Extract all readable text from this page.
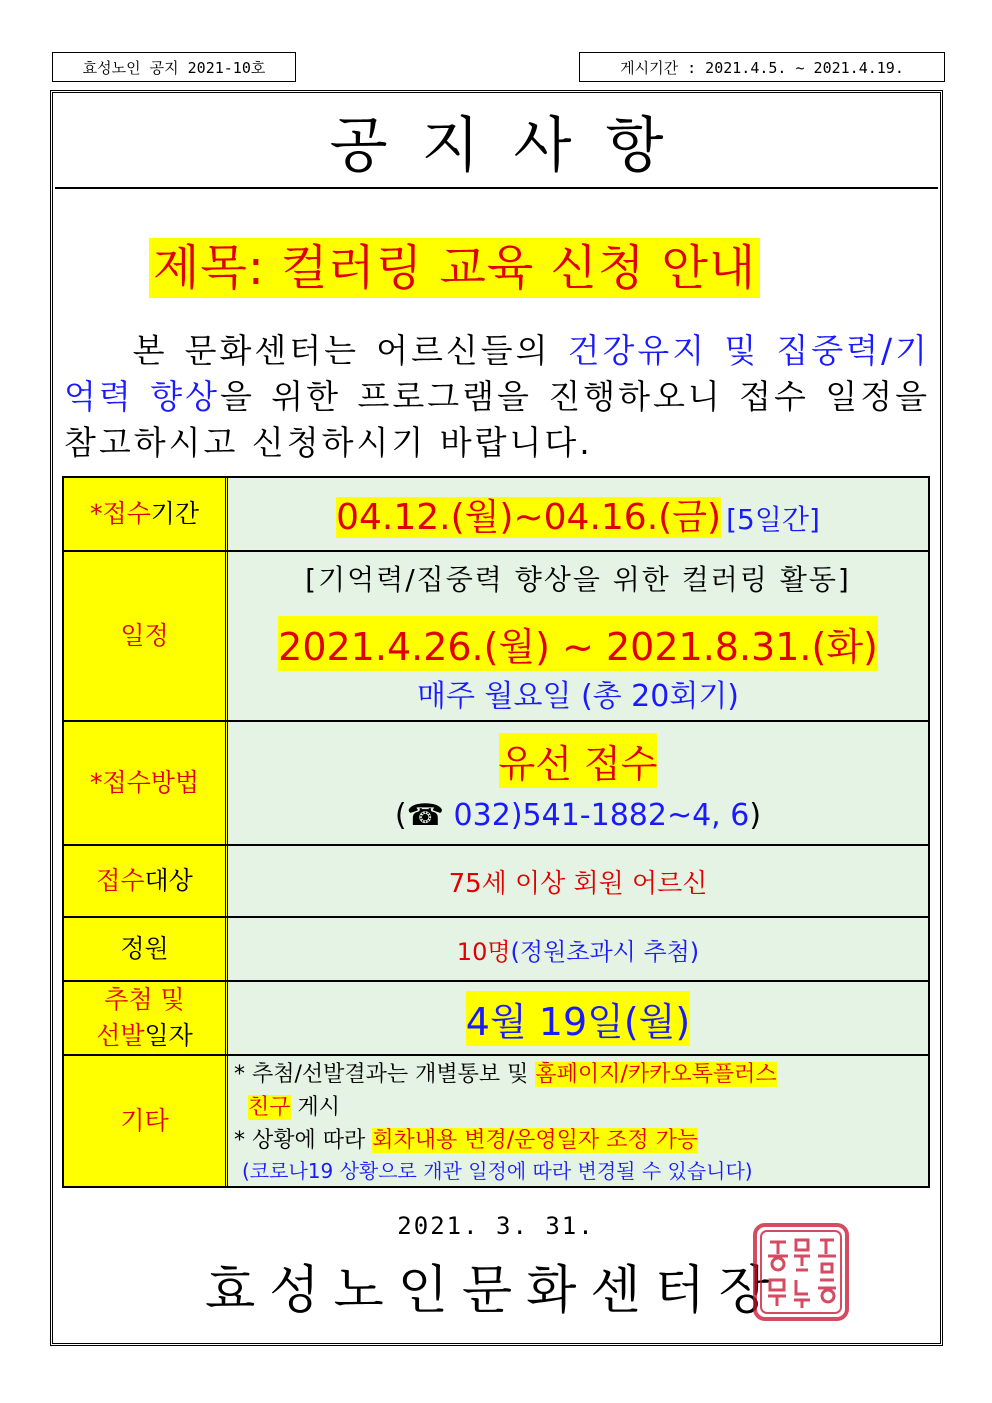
효성노인 공지 2021-10호	게시기간 : 2021.4.5. ~ 2021.4.19.
공지사항
제목: 컬러링 교육 신청 안내
본 문화센터는 어르신들의 건강유지 및 집중력/기억력 향상을 위한 프로그램을 진행하오니 접수 일정을 참고하시고 신청하시기 바랍니다.
*접수기간	04.12.(월)~04.16.(금) [5일간]
일정
[기억력/집중력 향상을 위한 컬러링 활동]
2021.4.26.(월) ~ 2021.8.31.(화)
매주 월요일 (총 20회기)
*접수방법	유선 접수
(☎ 032)541-1882~4, 6)
접수대상	75세 이상 회원 어르신
정원	10명(정원초과시 추첨)
추첨 및
선발일자	4월 19일(월)
기타
* 추첨/선발결과는 개별통보 및 홈페이지/카카오톡플러스
친구 게시
* 상황에 따라 회차내용 변경/운영일자 조정 가능
(코로나19 상황으로 개관 일정에 따라 변경될 수 있습니다)
2021. 3. 31.
효성노인문화센터장
